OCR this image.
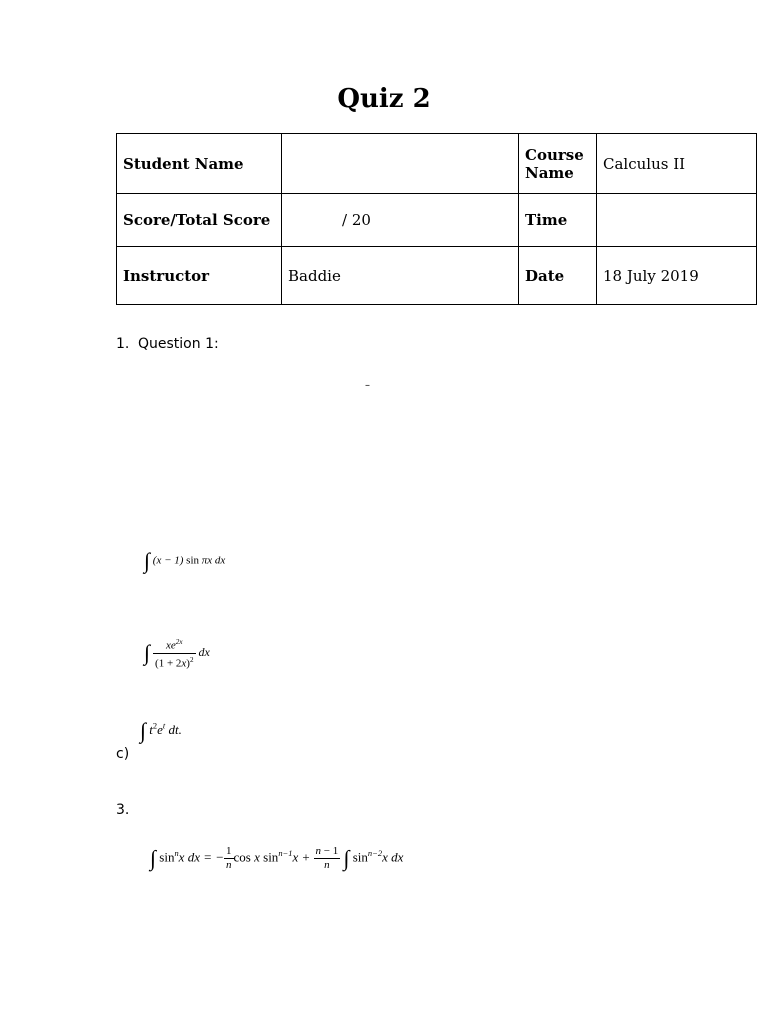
Quiz 2
Student Name		Course Name	Calculus II
Score/Total Score	/ 20	Time	
Instructor	Baddie	Date	18 July 2019
1. Question 1:
–
∫ (x − 1) sin πx dx
∫ $\frac{xe^{2x}}{(1 + 2x)^2}$ dx
∫ $t^2e^t$ dt.
c)
3.
∫ $\sin^nx$ dx = − $\frac{1}{n}$ cos x $\sin^{n-1}x + \frac{n - 1}{n}$ ∫ $\sin^{n-2}x$ dx
